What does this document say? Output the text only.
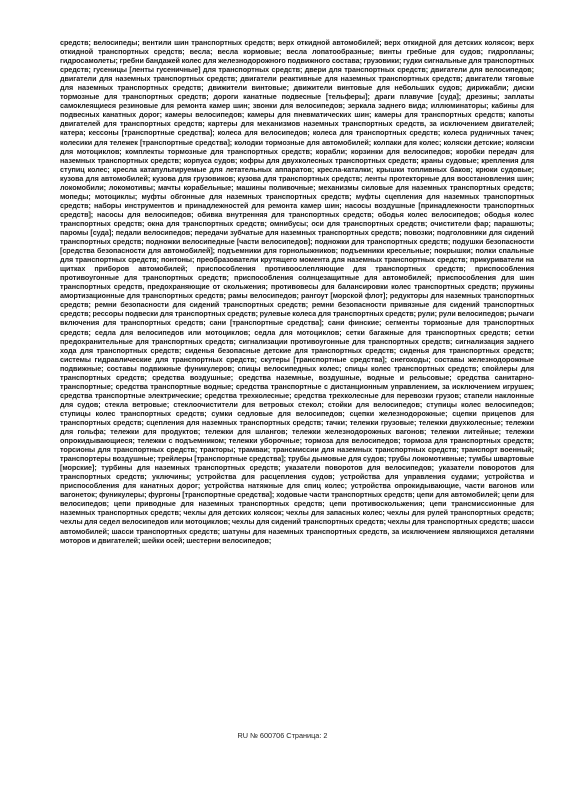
средств; велосипеды; вентили шин транспортных средств; верх откидной автомобилей; верх откидной для детских колясок; верх откидной транспортных средств; весла; весла кормовые; весла лопатообразные; винты гребные для судов; гидропланы; гидросамолеты; гребни бандажей колес для железнодорожного подвижного состава; грузовики; гудки сигнальные для транспортных средств; гусеницы [ленты гусеничные] для транспортных средств; двери для транспортных средств; двигатели для велосипедов; двигатели для наземных транспортных средств; двигатели реактивные для наземных транспортных средств; двигатели тяговые для наземных транспортных средств; движители винтовые; движители винтовые для небольших судов; дирижабли; диски тормозные для транспортных средств; дороги канатные подвесные [тельферы]; драги плавучие [суда]; дрезины; заплаты самоклеящиеся резиновые для ремонта камер шин; звонки для велосипедов; зеркала заднего вида; иллюминаторы; кабины для подвесных канатных дорог; камеры велосипедов; камеры для пневматических шин; камеры для транспортных средств; капоты двигателей для транспортных средств; картеры для механизмов наземных транспортных средств, за исключением двигателей; катера; кессоны [транспортные средства]; колеса для велосипедов; колеса для транспортных средств; колеса рудничных тачек; колесики для тележек [транспортные средства]; колодки тормозные для автомобилей; колпаки для колес; коляски детские; коляски для мотоциклов; комплекты тормозные для транспортных средств; корабли; корзинки для велосипедов; коробки передач для наземных транспортных средств; корпуса судов; кофры для двухколесных транспортных средств; краны судовые; крепления для ступиц колес; кресла катапультируемые для летательных аппаратов; кресла-каталки; крышки топливных баков; крюки судовые; кузова для автомобилей; кузова для грузовиков; кузова для транспортных средств; ленты протекторные для восстановления шин; локомобили; локомотивы; мачты корабельные; машины поливочные; механизмы силовые для наземных транспортных средств; мопеды; мотоциклы; муфты обгонные для наземных транспортных средств; муфты сцепления для наземных транспортных средств; наборы инструментов и принадлежностей для ремонта камер шин; насосы воздушные [принадлежности транспортных средств]; насосы для велосипедов; обивка внутренняя для транспортных средств; ободья колес велосипедов; ободья колес транспортных средств; окна для транспортных средств; омнибусы; оси для транспортных средств; очистители фар; парашюты; паромы [суда]; педали велосипедов; передачи зубчатые для наземных транспортных средств; повозки; подголовники для сидений транспортных средств; подножки велосипедные [части велосипедов]; подножки для транспортных средств; подушки безопасности [средства безопасности для автомобилей]; подъемники для горнолыжников; подъемники кресельные; покрышки; полки спальные для транспортных средств; понтоны; преобразователи крутящего момента для наземных транспортных средств; прикуриватели на щитках приборов автомобилей; приспособления противоослепляющие для транспортных средств; приспособления противоугонные для транспортных средств; приспособления солнцезащитные для автомобилей; приспособления для шин транспортных средств, предохраняющие от скольжения; противовесы для балансировки колес транспортных средств; пружины амортизационные для транспортных средств; рамы велосипедов; рангоут [морской флот]; редукторы для наземных транспортных средств; ремни безопасности для сидений транспортных средств; ремни безопасности привязные для сидений транспортных средств; рессоры подвески для транспортных средств; рулевые колеса для транспортных средств; рули; рули велосипедов; рычаги включения для транспортных средств; сани [транспортные средства]; сани финские; сегменты тормозные для транспортных средств; седла для велосипедов или мотоциклов; седла для мотоциклов; сетки багажные для транспортных средств; сетки предохранительные для транспортных средств; сигнализации противоугонные для транспортных средств; сигнализация заднего хода для транспортных средств; сиденья безопасные детские для транспортных средств; сиденья для транспортных средств; системы гидравлические для транспортных средств; скутеры [транспортные средства]; снегоходы; составы железнодорожные подвижные; составы подвижные фуникулеров; спицы велосипедных колес; спицы колес транспортных средств; спойлеры для транспортных средств; средства воздушные; средства наземные, воздушные, водные и рельсовые; средства санитарно-транспортные; средства транспортные водные; средства транспортные с дистанционным управлением, за исключением игрушек; средства транспортные электрические; средства трехколесные; средства трехколесные для перевозки грузов; стапели наклонные для судов; стекла ветровые; стеклоочистители для ветровых стекол; стойки для велосипедов; ступицы колес велосипедов; ступицы колес транспортных средств; сумки седловые для велосипедов; сцепки железнодорожные; сцепки прицепов для транспортных средств; сцепления для наземных транспортных средств; тачки; тележки грузовые; тележки двухколесные; тележки для гольфа; тележки для продуктов; тележки для шлангов; тележки железнодорожных вагонов; тележки литейные; тележки опрокидывающиеся; тележки с подъемником; тележки уборочные; тормоза для велосипедов; тормоза для транспортных средств; торсионы для транспортных средств; тракторы; трамваи; трансмиссии для наземных транспортных средств; транспорт военный; транспортеры воздушные; трейлеры [транспортные средства]; трубы дымовые для судов; трубы локомотивные; тумбы швартовые [морские]; турбины для наземных транспортных средств; указатели поворотов для велосипедов; указатели поворотов для транспортных средств; уключины; устройства для расцепления судов; устройства для управления судами; устройства и приспособления для канатных дорог; устройства натяжные для спиц колес; устройства опрокидывающие, части вагонов или вагонеток; фуникулеры; фургоны [транспортные средства]; ходовые части транспортных средств; цепи для автомобилей; цепи для велосипедов; цепи приводные для наземных транспортных средств; цепи противоскольжения; цепи трансмиссионные для наземных транспортных средств; чехлы для детских колясок; чехлы для запасных колес; чехлы для рулей транспортных средств; чехлы для седел велосипедов или мотоциклов; чехлы для сидений транспортных средств; чехлы для транспортных средств; шасси автомобилей; шасси транспортных средств; шатуны для наземных транспортных средств, за исключением являющихся деталями моторов и двигателей; шейки осей; шестерни велосипедов;
RU № 600706 Страница: 2
